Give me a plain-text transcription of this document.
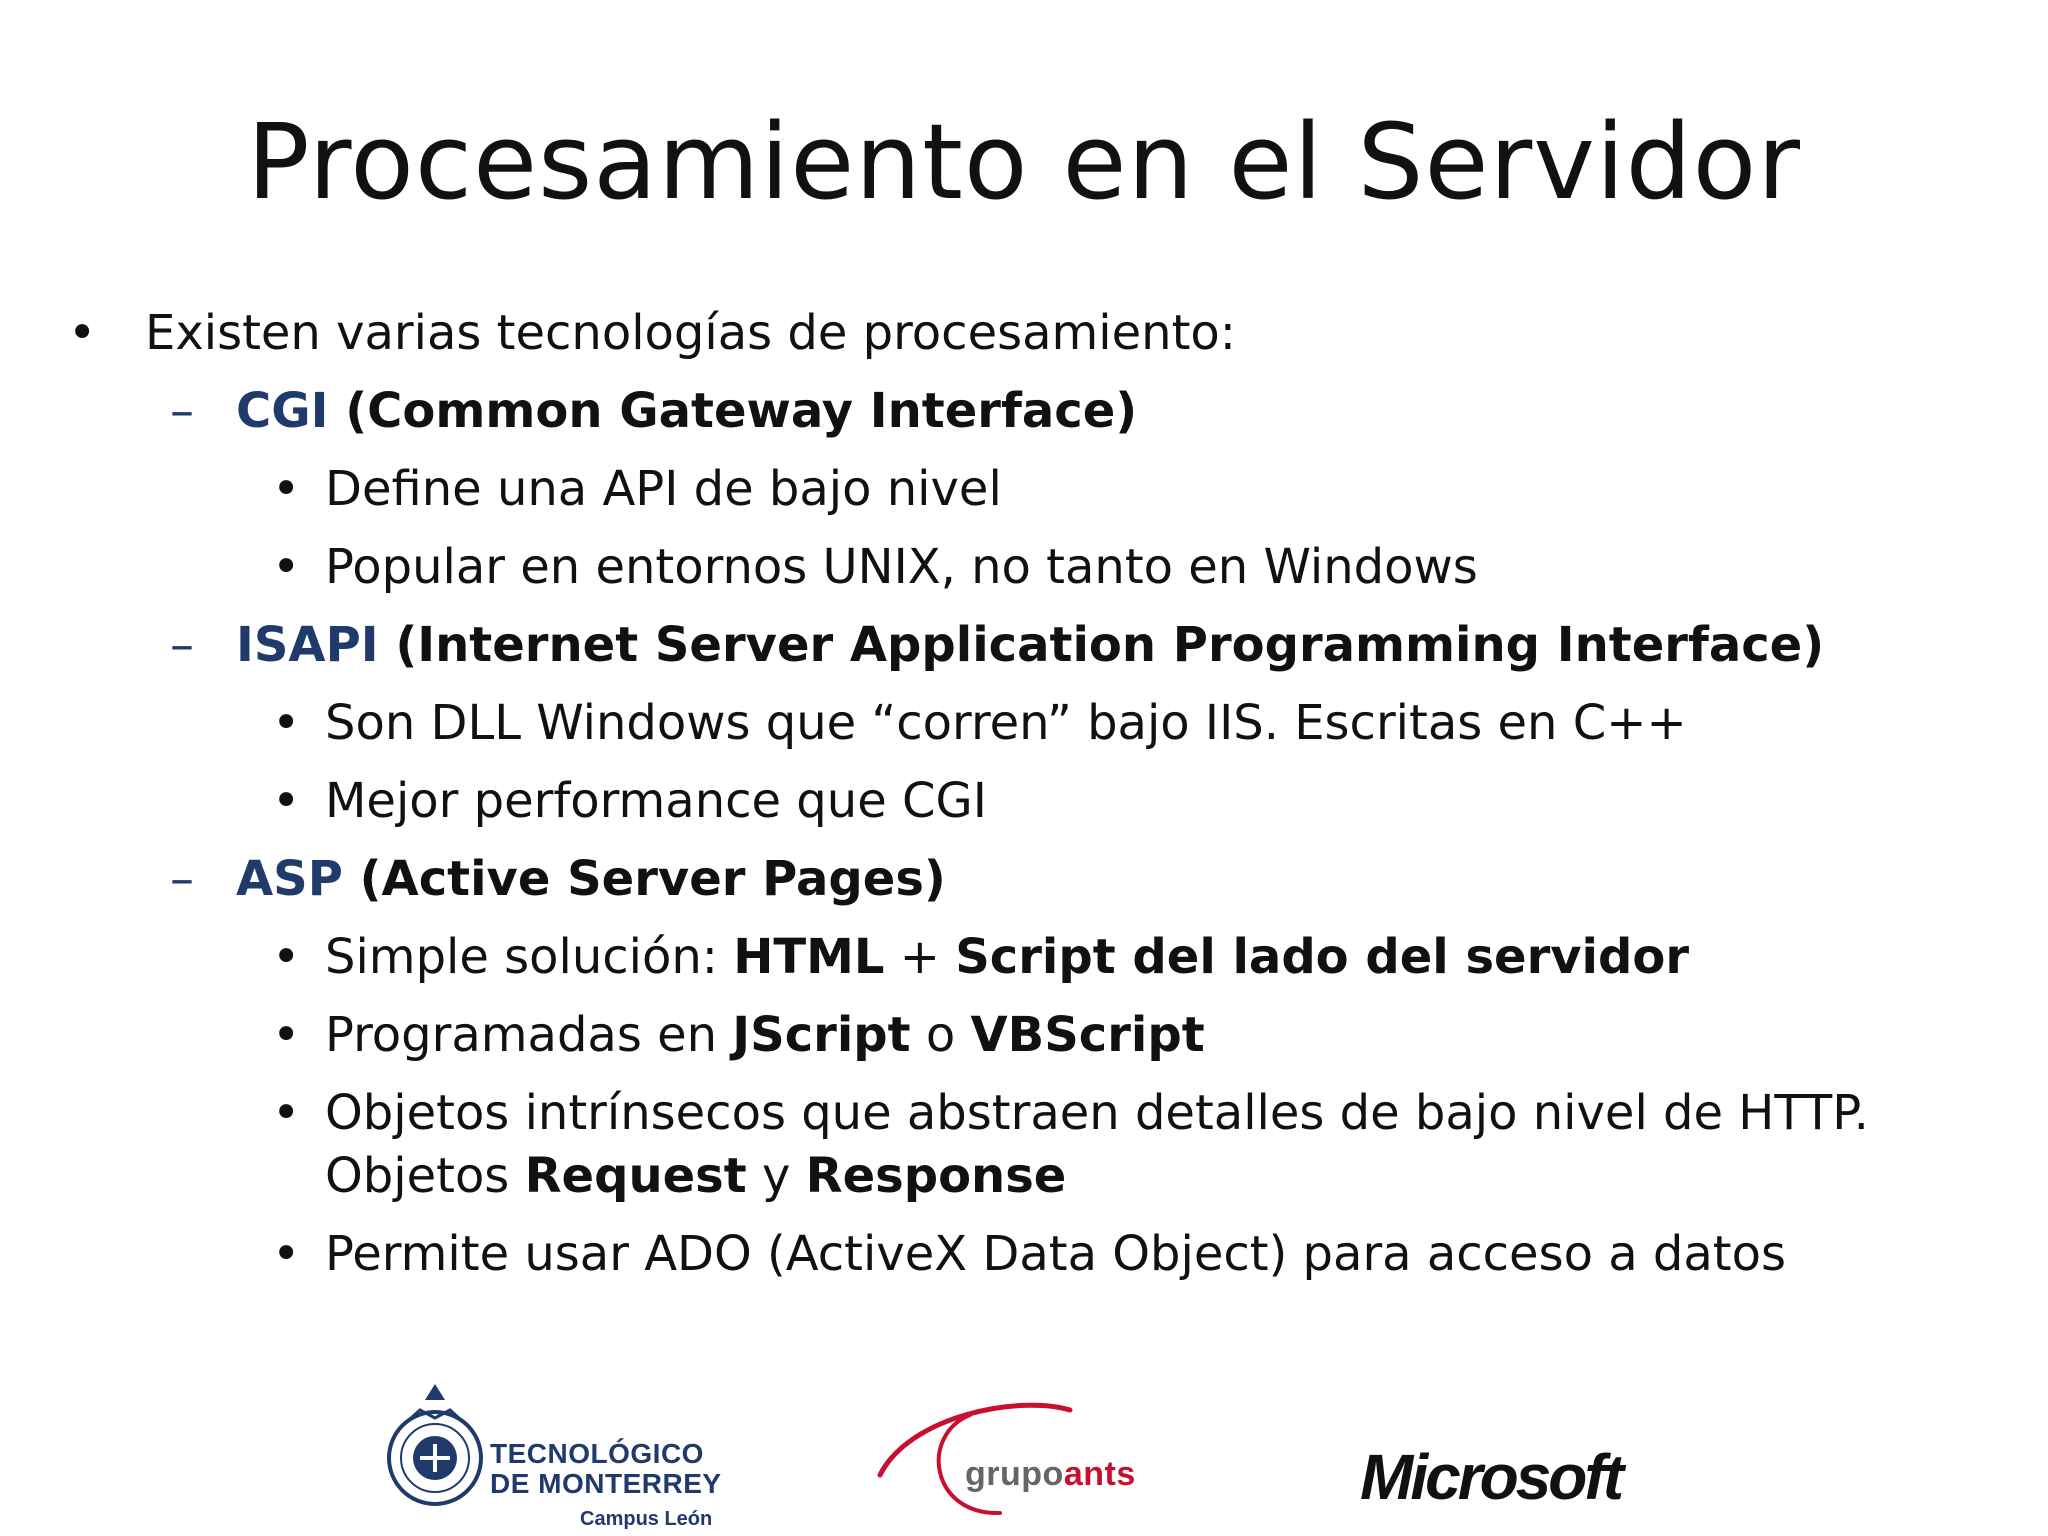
Procesamiento en el Servidor
• Existen varias tecnologías de procesamiento:
– CGI (Common Gateway Interface)
• Define una API de bajo nivel
• Popular en entornos UNIX, no tanto en Windows
– ISAPI (Internet Server Application Programming Interface)
• Son DLL Windows que “corren” bajo IIS. Escritas en C++
• Mejor performance que CGI
– ASP (Active Server Pages)
• Simple solución: HTML + Script del lado del servidor
• Programadas en JScript o VBScript
• Objetos intrínsecos que abstraen detalles de bajo nivel de HTTP.
Objetos Request y Response
• Permite usar ADO (ActiveX Data Object) para acceso a datos
TECNOLÓGICO
DE MONTERREY
Campus León
grupoants	Microsoft
